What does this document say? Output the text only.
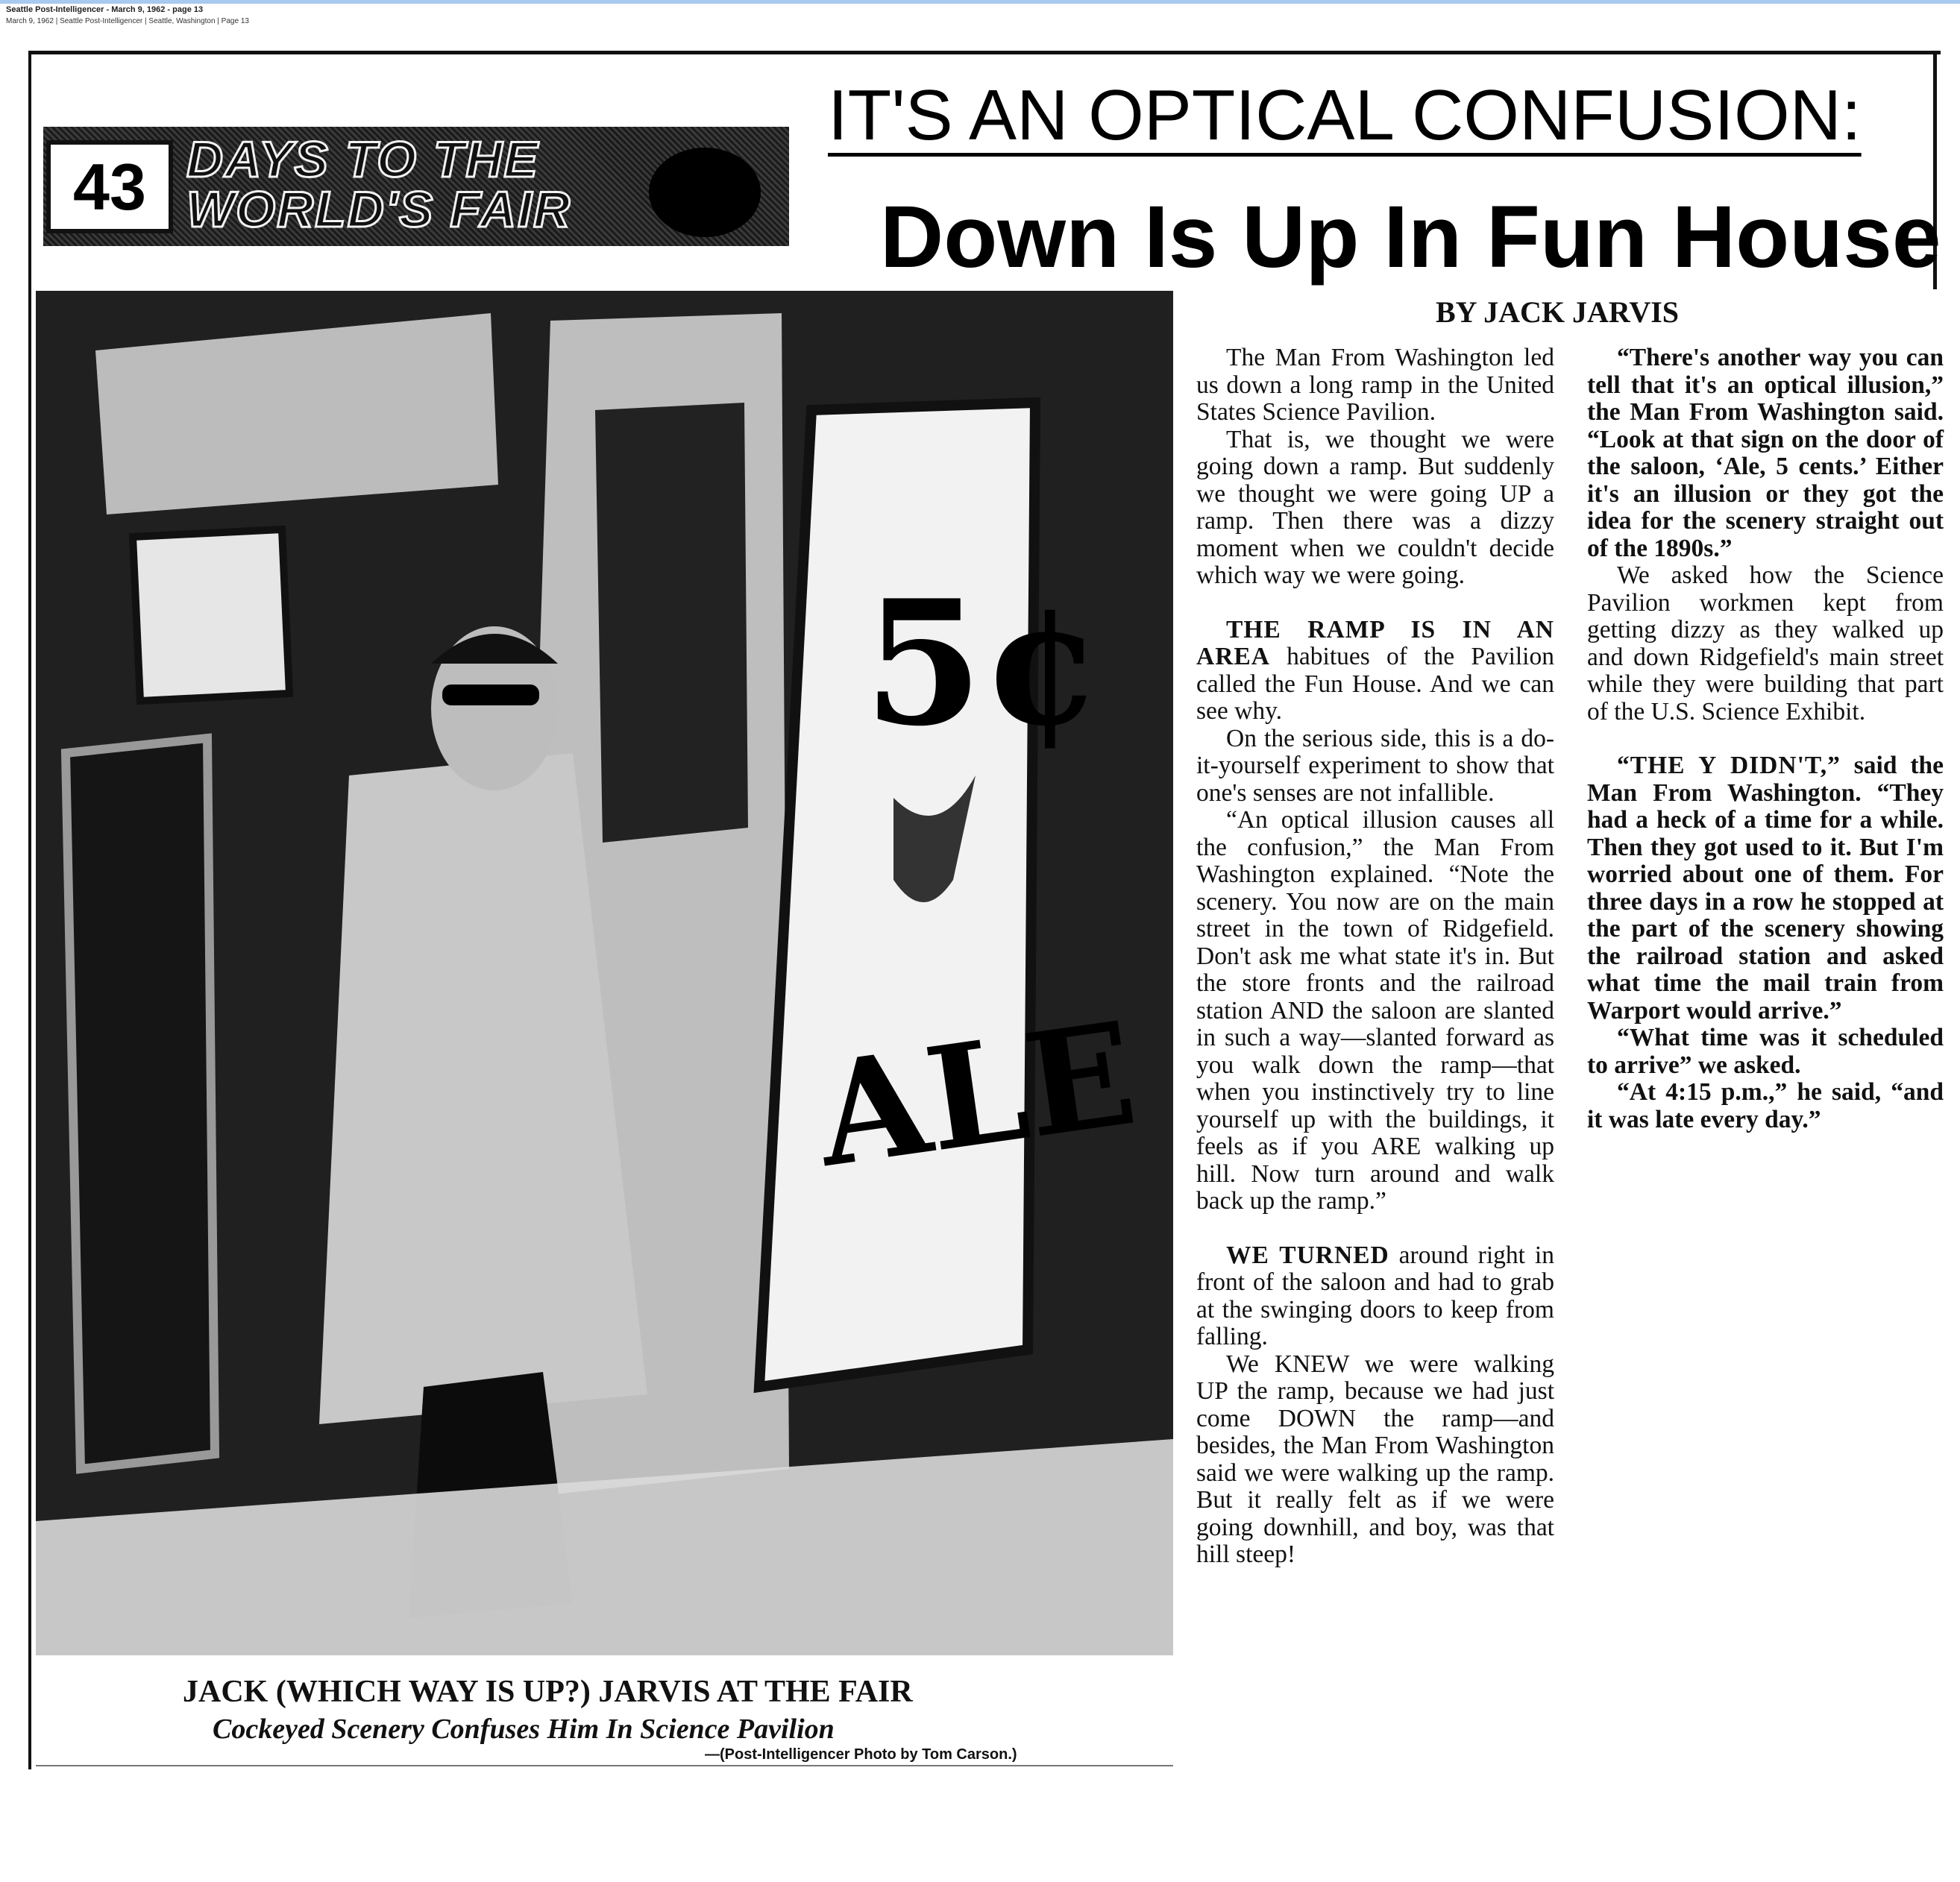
Seattle Post-Intelligencer - March 9, 1962 - page 13
March 9, 1962 | Seattle Post-Intelligencer | Seattle, Washington | Page 13
43 DAYS TO THE
WORLD'S FAIR
IT'S AN OPTICAL CONFUSION:
Down Is Up In Fun House
BY JACK JARVIS
5¢
ALE
JACK (WHICH WAY IS UP?) JARVIS AT THE FAIR
Cockeyed Scenery Confuses Him In Science Pavilion
—(Post-Intelligencer Photo by Tom Carson.)

The Man From Washington led us down a long ramp in the United States Science Pavilion.

That is, we thought we were going down a ramp. But suddenly we thought we were going UP a ramp. Then there was a dizzy moment when we couldn't decide which way we were going.

THE RAMP IS IN AN AREA habitues of the Pavilion called the Fun House. And we can see why.

On the serious side, this is a do-it-yourself experiment to show that one's senses are not infallible.

“An optical illusion causes all the confusion,” the Man From Washington explained. “Note the scenery. You now are on the main street in the town of Ridgefield. Don't ask me what state it's in. But the store fronts and the railroad station AND the saloon are slanted in such a way—slanted forward as you walk down the ramp—that when you instinctively try to line yourself up with the buildings, it feels as if you ARE walking up hill. Now turn around and walk back up the ramp.”

WE TURNED around right in front of the saloon and had to grab at the swinging doors to keep from falling.

We KNEW we were walking UP the ramp, because we had just come DOWN the ramp—and besides, the Man From Washington said we were walking up the ramp. But it really felt as if we were going downhill, and boy, was that hill steep!

“There's another way you can tell that it's an optical illusion,” the Man From Washington said. “Look at that sign on the door of the saloon, ‘Ale, 5 cents.’ Either it's an illusion or they got the idea for the scenery straight out of the 1890s.”

We asked how the Science Pavilion workmen kept from getting dizzy as they walked up and down Ridgefield's main street while they were building that part of the U.S. Science Exhibit.

“THE Y DIDN'T,” said the Man From Washington. “They had a heck of a time for a while. Then they got used to it. But I'm worried about one of them. For three days in a row he stopped at the part of the scenery showing the railroad station and asked what time the mail train from Warport would arrive.”

“What time was it scheduled to arrive” we asked.

“At 4:15 p.m.,” he said, “and it was late every day.”
